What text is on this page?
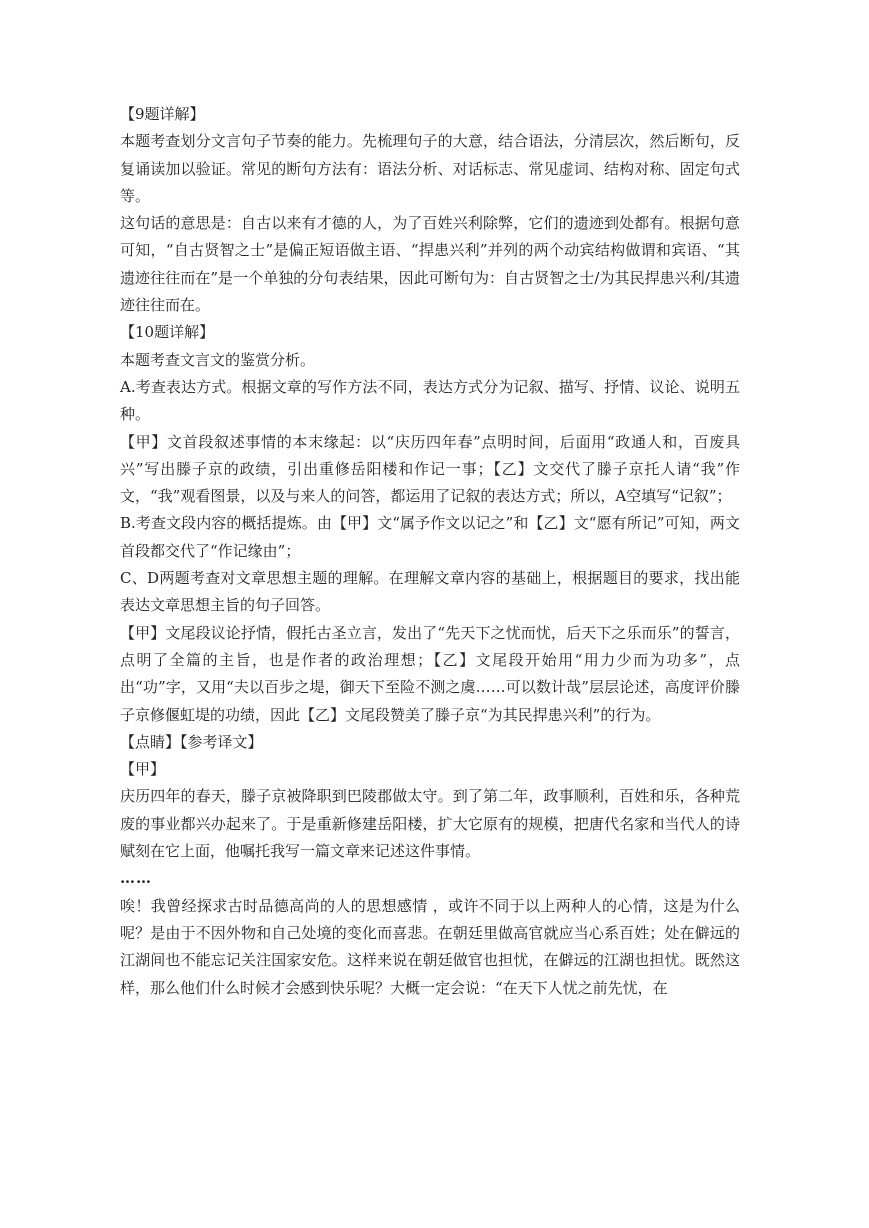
【9题详解】

本题考查划分文言句子节奏的能力。先梳理句子的大意，结合语法，分清层次，然后断句，反复诵读加以验证。常见的断句方法有：语法分析、对话标志、常见虚词、结构对称、固定句式等。

这句话的意思是：自古以来有才德的人，为了百姓兴利除弊，它们的遗迹到处都有。根据句意可知，“自古贤智之士”是偏正短语做主语、“捍患兴利”并列的两个动宾结构做谓和宾语、“其遗迹往往而在”是一个单独的分句表结果，因此可断句为：自古贤智之士/为其民捍患兴利/其遗迹往往而在。

【10题详解】

本题考查文言文的鉴赏分析。

A.考查表达方式。根据文章的写作方法不同，表达方式分为记叙、描写、抒情、议论、说明五种。

【甲】文首段叙述事情的本末缘起：以“庆历四年春”点明时间，后面用“政通人和，百废具兴”写出滕子京的政绩，引出重修岳阳楼和作记一事；【乙】文交代了滕子京托人请“我”作文，“我”观看图景，以及与来人的问答，都运用了记叙的表达方式；所以，A空填写“记叙”；

B.考查文段内容的概括提炼。由【甲】文“属予作文以记之”和【乙】文“愿有所记”可知，两文首段都交代了“作记缘由”；

C、D两题考查对文章思想主题的理解。在理解文章内容的基础上，根据题目的要求，找出能表达文章思想主旨的句子回答。

【甲】文尾段议论抒情，假托古圣立言，发出了“先天下之忧而忧，后天下之乐而乐”的誓言，点明了全篇的主旨，也是作者的政治理想；【乙】文尾段开始用“用力少而为功多”，点出“功”字，又用“夫以百步之堤，御天下至险不测之虞……可以数计哉”层层论述，高度评价滕子京修偃虹堤的功绩，因此【乙】文尾段赞美了滕子京“为其民捍患兴利”的行为。

【点睛】【参考译文】

【甲】

庆历四年的春天，滕子京被降职到巴陵郡做太守。到了第二年，政事顺利，百姓和乐，各种荒废的事业都兴办起来了。于是重新修建岳阳楼，扩大它原有的规模，把唐代名家和当代人的诗赋刻在它上面，他嘱托我写一篇文章来记述这件事情。

……

唉！我曾经探求古时品德高尚的人的思想感情 ，或许不同于以上两种人的心情，这是为什么呢？是由于不因外物和自己处境的变化而喜悲。在朝廷里做高官就应当心系百姓；处在僻远的江湖间也不能忘记关注国家安危。这样来说在朝廷做官也担忧，在僻远的江湖也担忧。既然这样，那么他们什么时候才会感到快乐呢？大概一定会说：“在天下人忧之前先忧，在
